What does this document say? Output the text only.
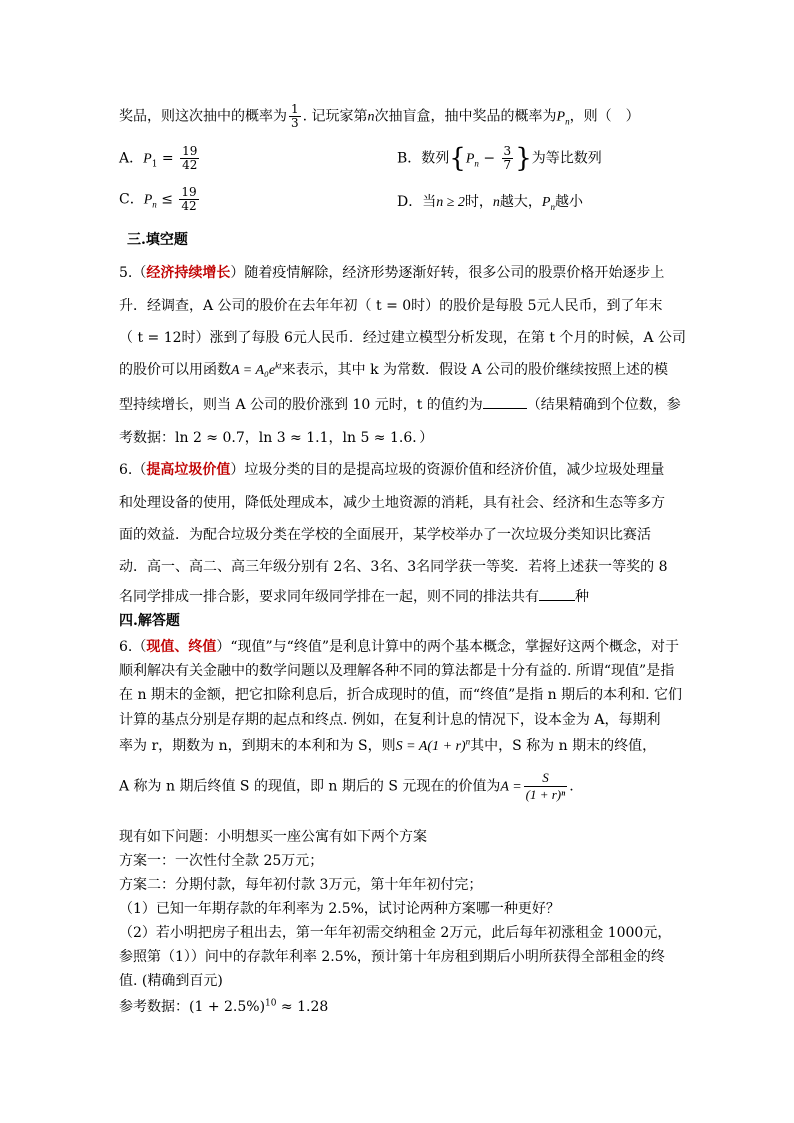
奖品，则这次抽中的概率为 $\frac{1}{3}$ . 记玩家第n次抽盲盒，抽中奖品的概率为$P_n$，则（　）
A．$P_1 = \frac{19}{42}$	B．数列{$P_n - \frac{3}{7}$ }为等比数列
C．$P_n \le \frac{19}{42}$	D．当n ≥ 2时，n越大，$P_n$越小
三.填空题
5.（经济持续增长）随着疫情解除，经济形势逐渐好转，很多公司的股票价格开始逐步上
升．经调查，A 公司的股价在去年年初（ t = 0时）的股价是每股 5元人民币，到了年末
（ t = 12时）涨到了每股 6元人民币．经过建立模型分析发现，在第 t 个月的时候，A 公司
的股价可以用函数$A = A_0e^{kt}$来表示，其中 k 为常数．假设 A 公司的股价继续按照上述的模
型持续增长，则当 A 公司的股价涨到 10 元时，t 的值约为	（结果精确到个位数，参
考数据：ln 2 ≈ 0.7，ln 3 ≈ 1.1，ln 5 ≈ 1.6．）
6.（提高垃圾价值）垃圾分类的目的是提高垃圾的资源价值和经济价值，减少垃圾处理量
和处理设备的使用，降低处理成本，减少土地资源的消耗，具有社会、经济和生态等多方
面的效益．为配合垃圾分类在学校的全面展开，某学校举办了一次垃圾分类知识比赛活
动．高一、高二、高三年级分别有 2名、3名、3名同学获一等奖．若将上述获一等奖的 8
名同学排成一排合影，要求同年级同学排在一起，则不同的排法共有	种
四.解答题
6.（现值、终值）“现值”与“终值”是利息计算中的两个基本概念，掌握好这两个概念，对于
顺利解决有关金融中的数学问题以及理解各种不同的算法都是十分有益的. 所谓“现值”是指
在 n 期末的金额，把它扣除利息后，折合成现时的值，而“终值”是指 n 期后的本利和. 它们
计算的基点分别是存期的起点和终点. 例如，在复利计息的情况下，设本金为 A，每期利
率为 r，期数为 n，到期末的本利和为 S，则$S = A(1 + r)^n$其中，S 称为 n 期末的终值，
A 称为 n 期后终值 S 的现值，即 n 期后的 S 元现在的价值为$A = \frac{S}{\text{(1 + r)ⁿ}}$ .
现有如下问题：小明想买一座公寓有如下两个方案
方案一：一次性付全款 25万元；
方案二：分期付款，每年初付款 3万元，第十年年初付完；
（1）已知一年期存款的年利率为 2.5%，试讨论两种方案哪一种更好？
（2）若小明把房子租出去，第一年年初需交纳租金 2万元，此后每年初涨租金 1000元，
参照第（1））问中的存款年利率 2.5%，预计第十年房租到期后小明所获得全部租金的终
值. (精确到百元)
参考数据：$(1 + 2.5\%)^{10} \approx 1.28$
